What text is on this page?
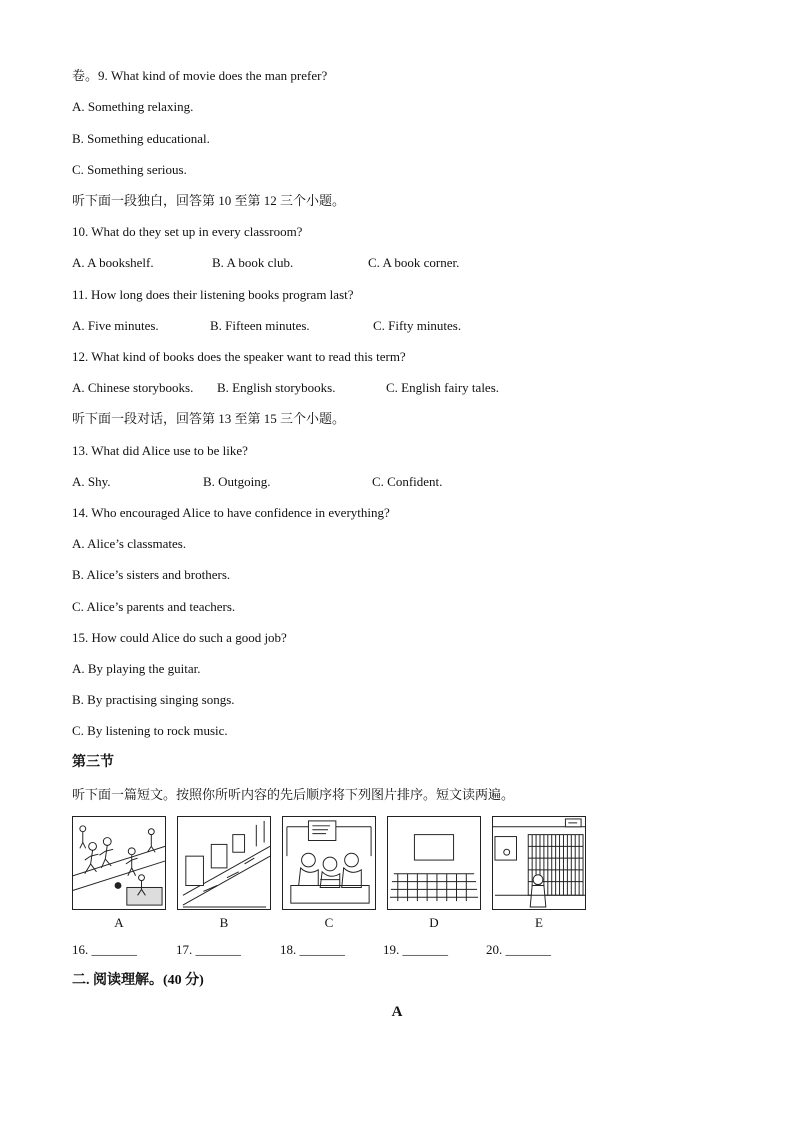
卷。9. What kind of movie does the man prefer?
A. Something relaxing.
B. Something educational.
C. Something serious.
听下面一段独白，回答第 10 至第 12 三个小题。
10. What do they set up in every classroom?
A. A bookshelf.	B. A book club.	C. A book corner.
11. How long does their listening books program last?
A. Five minutes.	B. Fifteen minutes.	C. Fifty minutes.
12. What kind of books does the speaker want to read this term?
A. Chinese storybooks. B. English storybooks.	C. English fairy tales.
听下面一段对话，回答第 13 至第 15 三个小题。
13. What did Alice use to be like?
A. Shy.	B. Outgoing.	C. Confident.
14. Who encouraged Alice to have confidence in everything?
A. Alice’s classmates.
B. Alice’s sisters and brothers.
C. Alice’s parents and teachers.
15. How could Alice do such a good job?
A. By playing the guitar.
B. By practising singing songs.
C. By listening to rock music.
第三节
听下面一篇短文。按照你所听内容的先后顺序将下列图片排序。短文读两遍。
A	B	C	D	E
16. _______	17. _______	18. _______	19. _______	20. _______
二. 阅读理解。(40 分)
A
